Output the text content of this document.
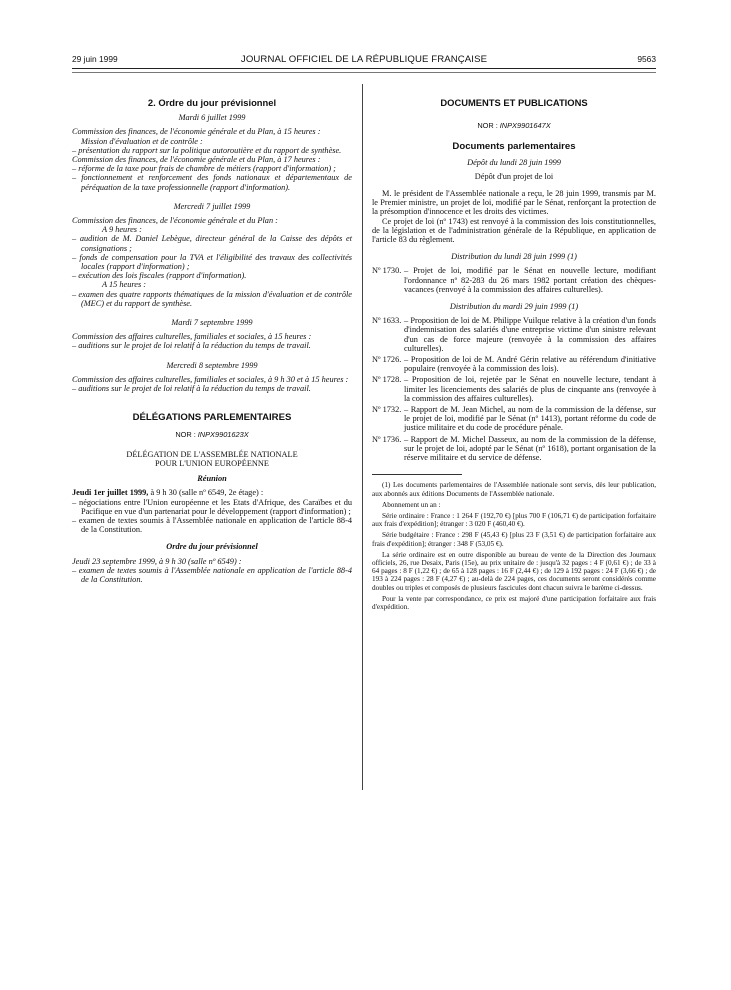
29 juin 1999	JOURNAL OFFICIEL DE LA RÉPUBLIQUE FRANÇAISE	9563
2. Ordre du jour prévisionnel
Mardi 6 juillet 1999

Commission des finances, de l'économie générale et du Plan, à 15 heures :

Mission d'évaluation et de contrôle :

– présentation du rapport sur la politique autoroutière et du rapport de synthèse.

Commission des finances, de l'économie générale et du Plan, à 17 heures :

– réforme de la taxe pour frais de chambre de métiers (rapport d'information) ;

– fonctionnement et renforcement des fonds nationaux et départementaux de péréquation de la taxe professionnelle (rapport d'information).

Mercredi 7 juillet 1999

Commission des finances, de l'économie générale et du Plan :

A 9 heures :

– audition de M. Daniel Lebègue, directeur général de la Caisse des dépôts et consignations ;

– fonds de compensation pour la TVA et l'éligibilité des travaux des collectivités locales (rapport d'information) ;

– exécution des lois fiscales (rapport d'information).

A 15 heures :

– examen des quatre rapports thématiques de la mission d'évaluation et de contrôle (MEC) et du rapport de synthèse.

Mardi 7 septembre 1999

Commission des affaires culturelles, familiales et sociales, à 15 heures :

– auditions sur le projet de loi relatif à la réduction du temps de travail.

Mercredi 8 septembre 1999

Commission des affaires culturelles, familiales et sociales, à 9 h 30 et à 15 heures :

– auditions sur le projet de loi relatif à la réduction du temps de travail.

DÉLÉGATIONS PARLEMENTAIRES
NOR : INPX9901623X
DÉLÉGATION DE L'ASSEMBLÉE NATIONALE
POUR L'UNION EUROPÉENNE
Réunion

Jeudi 1er juillet 1999, à 9 h 30 (salle nº 6549, 2e étage) :

– négociations entre l'Union européenne et les Etats d'Afrique, des Caraïbes et du Pacifique en vue d'un partenariat pour le développement (rapport d'information) ;

– examen de textes soumis à l'Assemblée nationale en application de l'article 88-4 de la Constitution.

Ordre du jour prévisionnel

Jeudi 23 septembre 1999, à 9 h 30 (salle nº 6549) :

– examen de textes soumis à l'Assemblée nationale en application de l'article 88-4 de la Constitution.

DOCUMENTS ET PUBLICATIONS
NOR : INPX9901647X
Documents parlementaires
Dépôt du lundi 28 juin 1999
Dépôt d'un projet de loi

M. le président de l'Assemblée nationale a reçu, le 28 juin 1999, transmis par M. le Premier ministre, un projet de loi, modifié par le Sénat, renforçant la protection de la présomption d'innocence et les droits des victimes.

Ce projet de loi (nº 1743) est renvoyé à la commission des lois constitutionnelles, de la législation et de l'administration générale de la République, en application de l'article 83 du règlement.

Distribution du lundi 28 juin 1999 (1)
Nº 1730. – Projet de loi, modifié par le Sénat en nouvelle lecture, modifiant l'ordonnance nº 82-283 du 26 mars 1982 portant création des chèques-vacances (renvoyé à la commission des affaires culturelles).
Distribution du mardi 29 juin 1999 (1)
Nº 1633. – Proposition de loi de M. Philippe Vuilque relative à la création d'un fonds d'indemnisation des salariés d'une entreprise victime d'un sinistre relevant d'un cas de force majeure (renvoyée à la commission des affaires culturelles).
Nº 1726. – Proposition de loi de M. André Gérin relative au référendum d'initiative populaire (renvoyée à la commission des lois).
Nº 1728. – Proposition de loi, rejetée par le Sénat en nouvelle lecture, tendant à limiter les licenciements des salariés de plus de cinquante ans (renvoyée à la commission des affaires culturelles).
Nº 1732. – Rapport de M. Jean Michel, au nom de la commission de la défense, sur le projet de loi, modifié par le Sénat (nº 1413), portant réforme du code de justice militaire et du code de procédure pénale.
Nº 1736. – Rapport de M. Michel Dasseux, au nom de la commission de la défense, sur le projet de loi, adopté par le Sénat (nº 1618), portant organisation de la réserve militaire et du service de défense.

(1) Les documents parlementaires de l'Assemblée nationale sont servis, dès leur publication, aux abonnés aux éditions Documents de l'Assemblée nationale.

Abonnement un an :

Série ordinaire : France : 1 264 F (192,70 €) [plus 700 F (106,71 €) de participation forfaitaire aux frais d'expédition]; étranger : 3 020 F (460,40 €).

Série budgétaire : France : 298 F (45,43 €) [plus 23 F (3,51 €) de participation forfaitaire aux frais d'expédition]; étranger : 348 F (53,05 €).

La série ordinaire est en outre disponible au bureau de vente de la Direction des Journaux officiels, 26, rue Desaix, Paris (15e), au prix unitaire de : jusqu'à 32 pages : 4 F (0,61 €) ; de 33 à 64 pages : 8 F (1,22 €) ; de 65 à 128 pages : 16 F (2,44 €) ; de 129 à 192 pages : 24 F (3,66 €) ; de 193 à 224 pages : 28 F (4,27 €) ; au-delà de 224 pages, ces documents seront considérés comme doubles ou triples et composés de plusieurs fascicules dont chacun suivra le barème ci-dessus.

Pour la vente par correspondance, ce prix est majoré d'une participation forfaitaire aux frais d'expédition.
